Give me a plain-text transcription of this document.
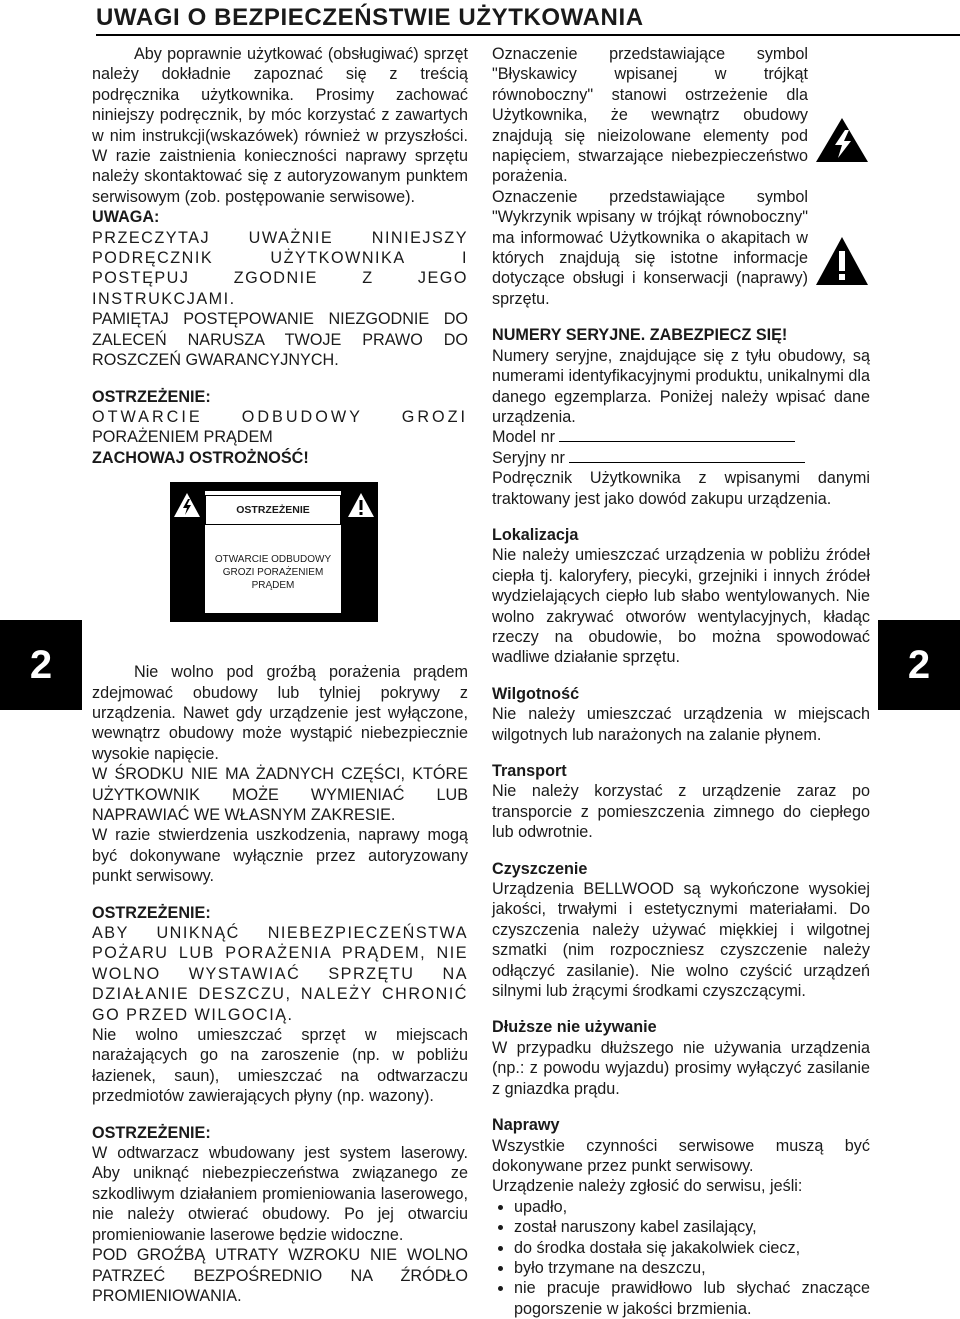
UWAGI O BEZPIECZEŃSTWIE UŻYTKOWANIA
2	2

Aby poprawnie użytkować (obsługiwać) sprzęt należy dokładnie zapoznać się z treścią podręcznika użytkownika. Prosimy zachować niniejszy podręcznik, by móc korzystać z zawartych w nim instrukcji(wskazówek) również w przyszłości. W razie zaistnienia konieczności naprawy sprzętu należy skontaktować się z autoryzowanym punktem serwisowym (zob. postępowanie serwisowe).

UWAGA:

PRZECZYTAJ UWAŻNIE NINIEJSZY PODRĘCZNIK UŻYTKOWNIKA I POSTĘPUJ ZGODNIE Z JEGO INSTRUKCJAMI.

PAMIĘTAJ POSTĘPOWANIE NIEZGODNIE DO ZALECEŃ NARUSZA TWOJE PRAWO DO ROSZCZEŃ GWARANCYJNYCH.

OSTRZEŻENIE:

OTWARCIE ODBUDOWY GROZI

PORAŻENIEM PRĄDEM

ZACHOWAJ OSTROŻNOŚĆ!

OSTRZEŻENIE
OTWARCIE ODBUDOWY GROZI PORAŻENIEM PRĄDEM

Nie wolno pod groźbą porażenia prądem zdejmować obudowy lub tylniej pokrywy z urządzenia. Nawet gdy urządzenie jest wyłączone, wewnątrz obudowy może wystąpić niebezpiecznie wysokie napięcie.

W ŚRODKU NIE MA ŻADNYCH CZĘŚCI, KTÓRE UŻYTKOWNIK MOŻE WYMIENIAĆ LUB NAPRAWIAĆ WE WŁASNYM ZAKRESIE.

W razie stwierdzenia uszkodzenia, naprawy mogą być dokonywane wyłącznie przez autoryzowany punkt serwisowy.

OSTRZEŻENIE:

ABY UNIKNĄĆ NIEBEZPIECZEŃSTWA POŻARU LUB PORAŻENIA PRĄDEM, NIE WOLNO WYSTAWIAĆ SPRZĘTU NA DZIAŁANIE DESZCZU, NALEŻY CHRONIĆ GO PRZED WILGOCIĄ.

Nie wolno umieszczać sprzęt w miejscach narażających go na zaroszenie (np. w pobliżu łazienek, saun), umieszczać na odtwarzaczu przedmiotów zawierających płyny (np. wazony).

OSTRZEŻENIE:

W odtwarzacz wbudowany jest system laserowy. Aby uniknąć niebezpieczeństwa związanego ze szkodliwym działaniem promieniowania laserowego, nie należy otwierać obudowy. Po jej otwarciu promieniowanie laserowe będzie widoczne.

POD GROŹBĄ UTRATY WZROKU NIE WOLNO PATRZEĆ BEZPOŚREDNIO NA ŹRÓDŁO PROMIENIOWANIA.

Oznaczenie przedstawiające symbol "Błyskawicy wpisanej w trójkąt równoboczny" stanowi ostrzeżenie dla Użytkownika, że wewnątrz obudowy znajdują się nieizolowane elementy pod napięciem, stwarzające niebezpieczeństwo porażenia.

Oznaczenie przedstawiające symbol "Wykrzynik wpisany w trójkąt równoboczny" ma informować Użytkownika o akapitach w których znajdują się istotne informacje dotyczące obsługi i konserwacji (naprawy) sprzętu.

NUMERY SERYJNE. ZABEZPIECZ SIĘ!

Numery seryjne, znajdujące się z tyłu obudowy, są numerami identyfikacyjnymi produktu, unikalnymi dla danego egzemplarza. Poniżej należy wpisać dane urządzenia.

Model nr

Seryjny nr

Podręcznik Użytkownika z wpisanymi danymi traktowany jest jako dowód zakupu urządzenia.

Lokalizacja

Nie należy umieszczać urządzenia w pobliżu źródeł ciepła tj. kaloryfery, piecyki, grzejniki i innych źródeł wydzielających ciepło lub słabo wentylowanych. Nie wolno zakrywać otworów wentylacyjnych, kładąc rzeczy na obudowie, bo można spowodować wadliwe działanie sprzętu.

Wilgotność

Nie należy umieszczać urządzenia w miejscach wilgotnych lub narażonych na zalanie płynem.

Transport

Nie należy korzystać z urządzenie zaraz po transporcie z pomieszczenia zimnego do ciepłego lub odwrotnie.

Czyszczenie

Urządzenia BELLWOOD są wykończone wysokiej jakości, trwałymi i estetycznymi materiałami. Do czyszczenia należy używać miękkiej i wilgotnej szmatki (nim rozpoczniesz czyszczenie należy odłączyć zasilanie). Nie wolno czyścić urządzeń silnymi lub żrącymi środkami czyszczącymi.

Dłuższe nie używanie

W przypadku dłuższego nie używania urządzenia (np.: z powodu wyjazdu) prosimy wyłączyć zasilanie z gniazdka prądu.

Naprawy

Wszystkie czynności serwisowe muszą być dokonywane przez punkt serwisowy.

Urządzenie należy zgłosić do serwisu, jeśli:

• upadło,
• został naruszony kabel zasilający,
• do środka dostała się jakakolwiek ciecz,
• było trzymane na deszczu,
• nie pracuje prawidłowo lub słychać znaczące pogorszenie w jakości brzmienia.
